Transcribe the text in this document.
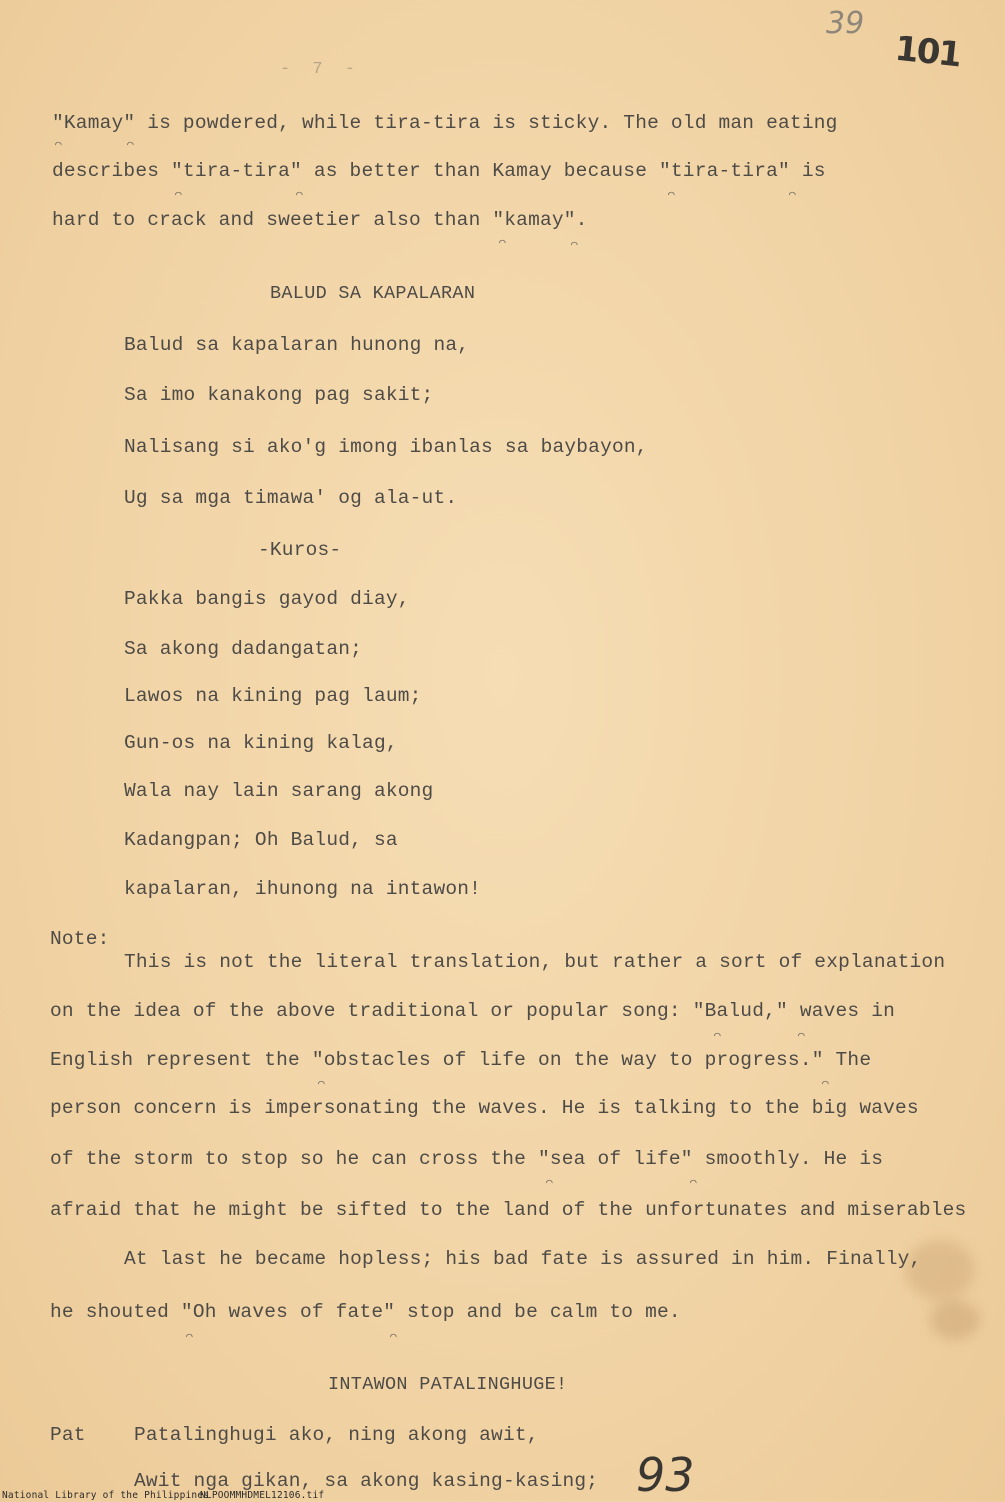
39
101
- 7 -
"Kamay" is powdered, while tira-tira is sticky. The old man eating
describes "tira-tira" as better than Kamay because "tira-tira" is
hard to crack and sweetier also than "kamay".
◠	◠
◠	◠	◠	◠
◠	◠
BALUD SA KAPALARAN
Balud sa kapalaran hunong na,
Sa imo kanakong pag sakit;
Nalisang si ako'g imong ibanlas sa baybayon,
Ug sa mga timawa' og ala-ut.
-Kuros-
Pakka bangis gayod diay,
Sa akong dadangatan;
Lawos na kining pag laum;
Gun-os na kining kalag,
Wala nay lain sarang akong
Kadangpan; Oh Balud, sa
kapalaran, ihunong na intawon!
Note:
This is not the literal translation, but rather a sort of explanation
on the idea of the above traditional or popular song: "Balud," waves in
English represent the "obstacles of life on the way to progress." The
person concern is impersonating the waves. He is talking to the big waves
of the storm to stop so he can cross the "sea of life" smoothly. He is
afraid that he might be sifted to the land of the unfortunates and miserables
At last he became hopless; his bad fate is assured in him. Finally,
he shouted "Oh waves of fate" stop and be calm to me.
◠	◠
◠	◠
◠	◠
◠	◠
INTAWON PATALINGHUGE!
Pat Patalinghugi ako, ning akong awit,
Awit nga gikan, sa akong kasing-kasing; 93
National Library of the Philippines
NLPOOMMHDMEL12106.tif
